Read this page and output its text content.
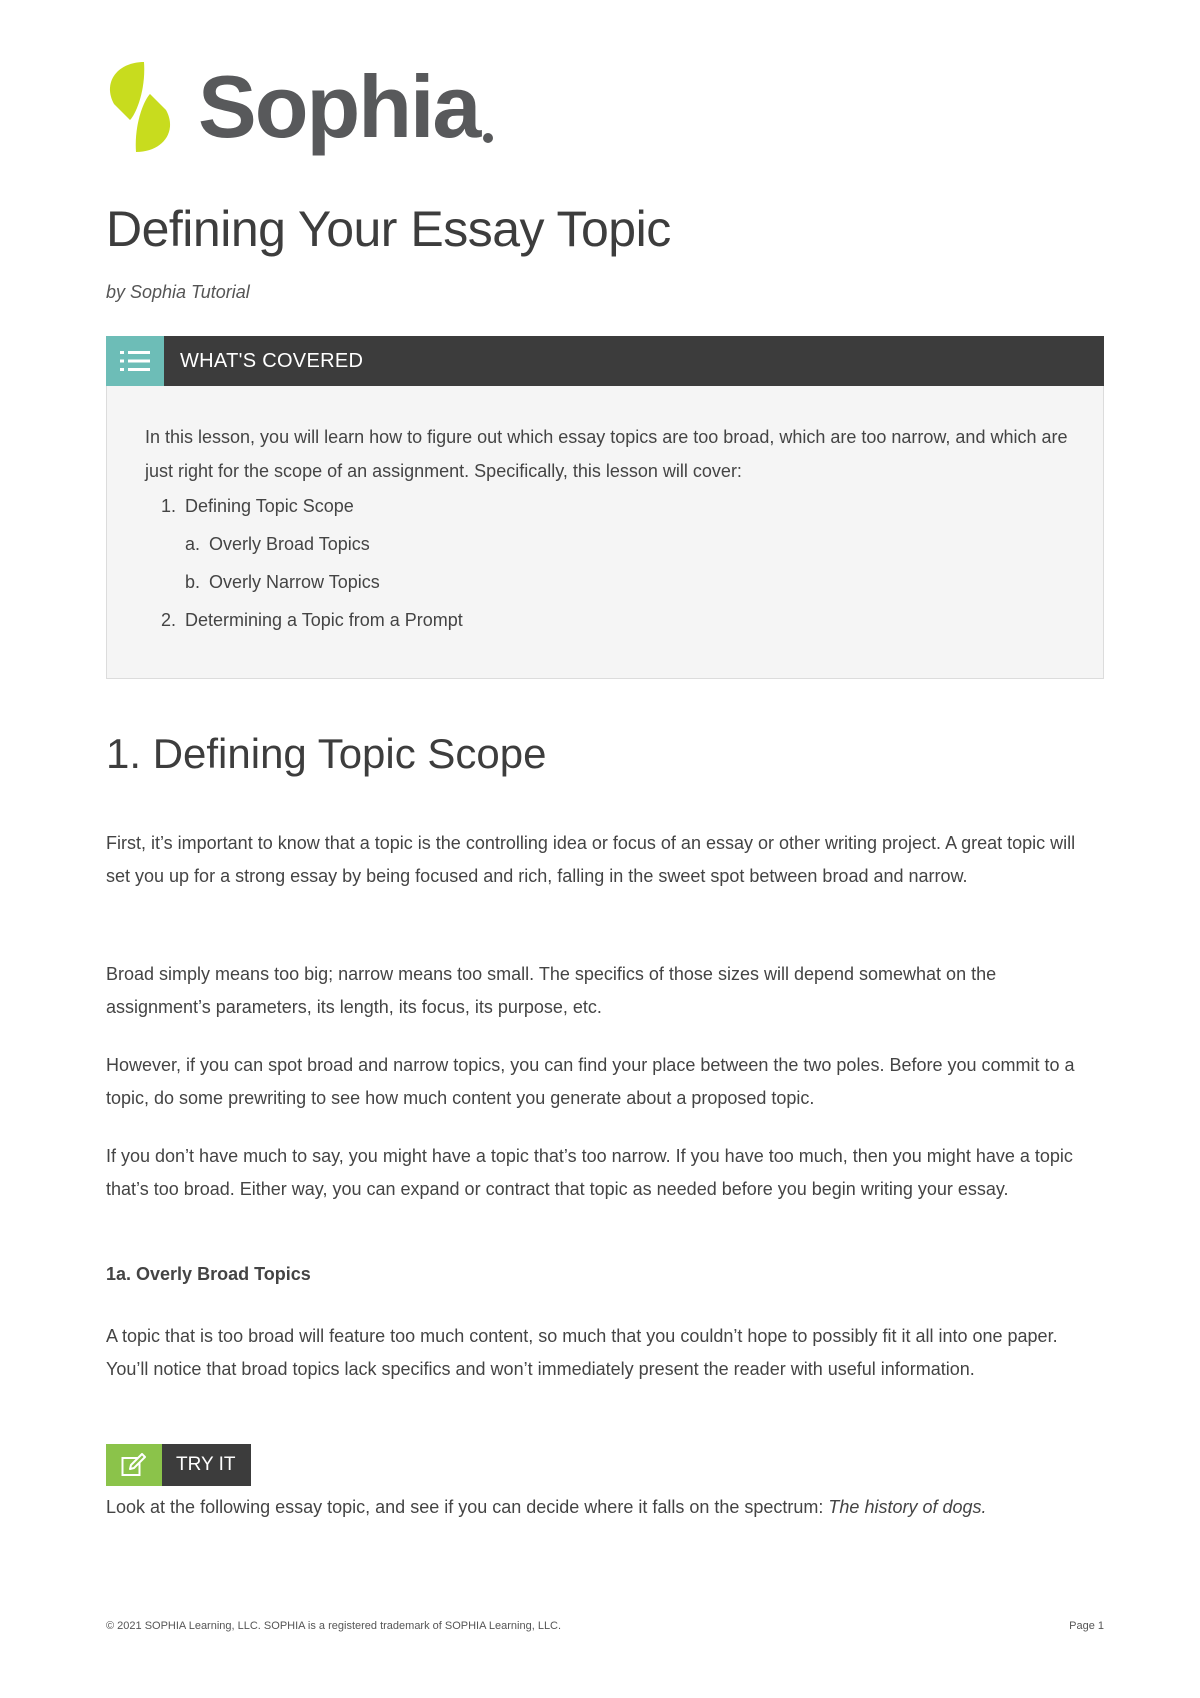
Sophia
Defining Your Essay Topic
by Sophia Tutorial
WHAT'S COVERED

In this lesson, you will learn how to figure out which essay topics are too broad, which are too narrow, and which are just right for the scope of an assignment. Specifically, this lesson will cover:

1. Defining Topic Scope
a. Overly Broad Topics
b. Overly Narrow Topics
2. Determining a Topic from a Prompt
1. Defining Topic Scope

First, it’s important to know that a topic is the controlling idea or focus of an essay or other writing project. A great topic will set you up for a strong essay by being focused and rich, falling in the sweet spot between broad and narrow.

Broad simply means too big; narrow means too small. The specifics of those sizes will depend somewhat on the assignment’s parameters, its length, its focus, its purpose, etc.

However, if you can spot broad and narrow topics, you can find your place between the two poles. Before you commit to a topic, do some prewriting to see how much content you generate about a proposed topic.

If you don’t have much to say, you might have a topic that’s too narrow. If you have too much, then you might have a topic that’s too broad. Either way, you can expand or contract that topic as needed before you begin writing your essay.

1a. Overly Broad Topics

A topic that is too broad will feature too much content, so much that you couldn’t hope to possibly fit it all into one paper. You’ll notice that broad topics lack specifics and won’t immediately present the reader with useful information.

TRY IT

Look at the following essay topic, and see if you can decide where it falls on the spectrum: The history of dogs.

© 2021 SOPHIA Learning, LLC. SOPHIA is a registered trademark of SOPHIA Learning, LLC.	Page 1
